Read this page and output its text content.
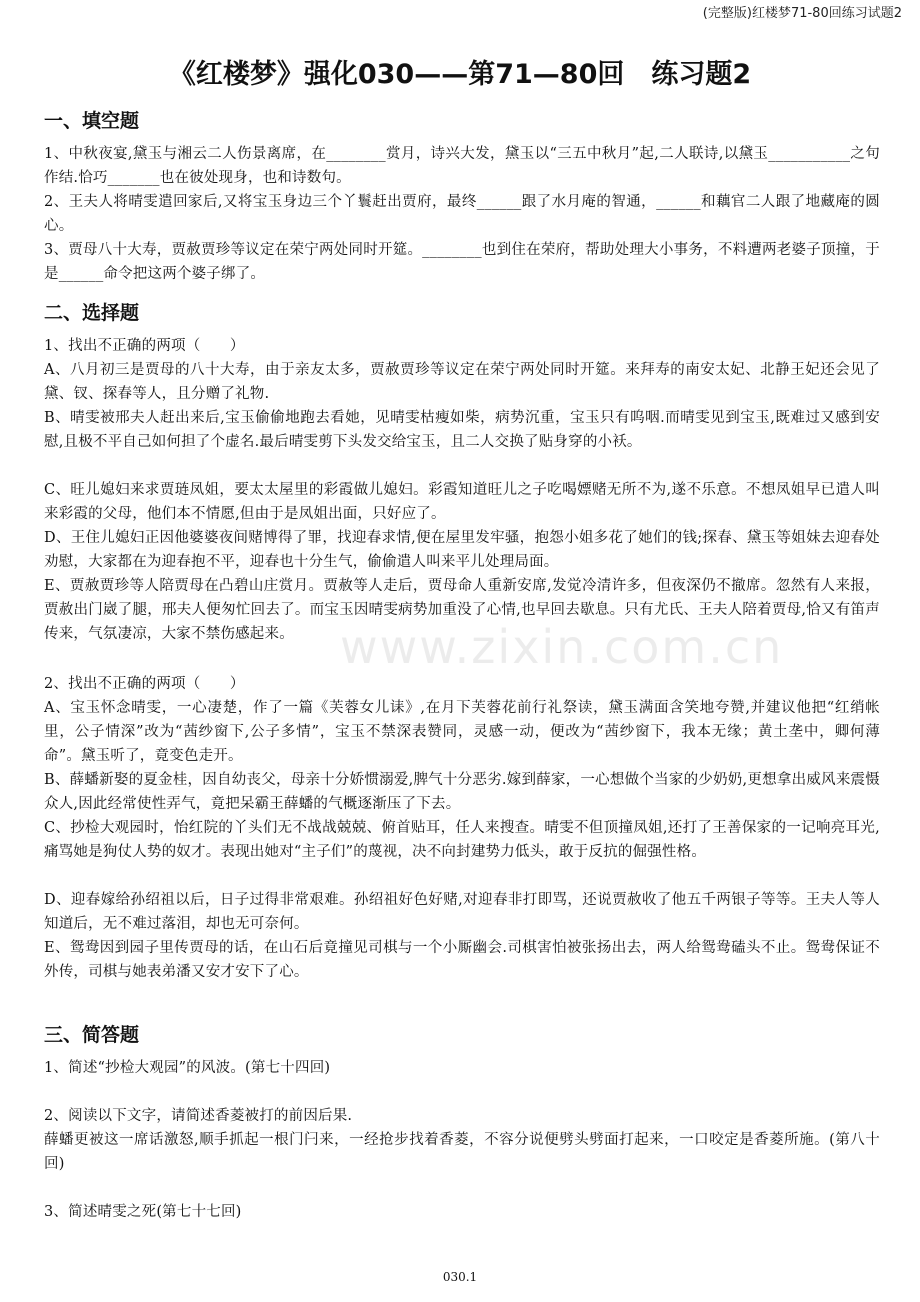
(完整版)红楼梦71-80回练习试题2
《红楼梦》强化030——第71—80回　练习题2
www.zixin.com.cn
一、填空题
1、中秋夜宴,黛玉与湘云二人伤景离席，在________赏月，诗兴大发，黛玉以“三五中秋月”起,二人联诗,以黛玉___________之句作结.恰巧_______也在彼处现身，也和诗数句。
2、王夫人将晴雯遣回家后,又将宝玉身边三个丫鬟赶出贾府，最终______跟了水月庵的智通，______和藕官二人跟了地藏庵的圆心。
3、贾母八十大寿，贾赦贾珍等议定在荣宁两处同时开筵。________也到住在荣府，帮助处理大小事务，不料遭两老婆子顶撞，于是______命令把这两个婆子绑了。
二、选择题
1、找出不正确的两项（　　）
A、八月初三是贾母的八十大寿，由于亲友太多，贾赦贾珍等议定在荣宁两处同时开筵。来拜寿的南安太妃、北静王妃还会见了黛、钗、探春等人，且分赠了礼物.
B、晴雯被邢夫人赶出来后,宝玉偷偷地跑去看她，见晴雯枯瘦如柴，病势沉重，宝玉只有呜咽.而晴雯见到宝玉,既难过又感到安慰,且极不平自己如何担了个虚名.最后晴雯剪下头发交给宝玉，且二人交换了贴身穿的小袄。
C、旺儿媳妇来求贾琏凤姐，要太太屋里的彩霞做儿媳妇。彩霞知道旺儿之子吃喝嫖赌无所不为,遂不乐意。不想凤姐早已遣人叫来彩霞的父母，他们本不情愿,但由于是凤姐出面，只好应了。
D、王住儿媳妇正因他婆婆夜间赌博得了罪，找迎春求情,便在屋里发牢骚，抱怨小姐多花了她们的钱;探春、黛玉等姐妹去迎春处劝慰，大家都在为迎春抱不平，迎春也十分生气，偷偷遣人叫来平儿处理局面。
E、贾赦贾珍等人陪贾母在凸碧山庄赏月。贾赦等人走后，贾母命人重新安席,发觉冷清许多，但夜深仍不撤席。忽然有人来报，贾赦出门崴了腿，邢夫人便匆忙回去了。而宝玉因晴雯病势加重没了心情,也早回去歇息。只有尤氏、王夫人陪着贾母,恰又有笛声传来，气氛凄凉，大家不禁伤感起来。
2、找出不正确的两项（　　）
A、宝玉怀念晴雯，一心凄楚，作了一篇《芙蓉女儿诔》,在月下芙蓉花前行礼祭读，黛玉满面含笑地夸赞,并建议他把“红绡帐里，公子情深”改为“茜纱窗下,公子多情”，宝玉不禁深表赞同，灵感一动，便改为“茜纱窗下，我本无缘；黄土垄中，卿何薄命”。黛玉听了，竟变色走开。
B、薛蟠新娶的夏金桂，因自幼丧父，母亲十分娇惯溺爱,脾气十分恶劣.嫁到薛家，一心想做个当家的少奶奶,更想拿出威风来震慑众人,因此经常使性弄气，竟把呆霸王薛蟠的气概逐渐压了下去。
C、抄检大观园时，怡红院的丫头们无不战战兢兢、俯首贴耳，任人来搜查。晴雯不但顶撞凤姐,还打了王善保家的一记响亮耳光,痛骂她是狗仗人势的奴才。表现出她对“主子们”的蔑视，决不向封建势力低头，敢于反抗的倔强性格。
D、迎春嫁给孙绍祖以后，日子过得非常艰难。孙绍祖好色好赌,对迎春非打即骂，还说贾赦收了他五千两银子等等。王夫人等人知道后，无不难过落泪，却也无可奈何。
E、鸳鸯因到园子里传贾母的话，在山石后竟撞见司棋与一个小厮幽会.司棋害怕被张扬出去，两人给鸳鸯磕头不止。鸳鸯保证不外传，司棋与她表弟潘又安才安下了心。
三、简答题
1、简述“抄检大观园”的风波。(第七十四回)
2、阅读以下文字，请简述香菱被打的前因后果.
薛蟠更被这一席话激怒,顺手抓起一根门闩来，一经抢步找着香菱，不容分说便劈头劈面打起来，一口咬定是香菱所施。(第八十回)
3、简述晴雯之死(第七十七回)
030.1
